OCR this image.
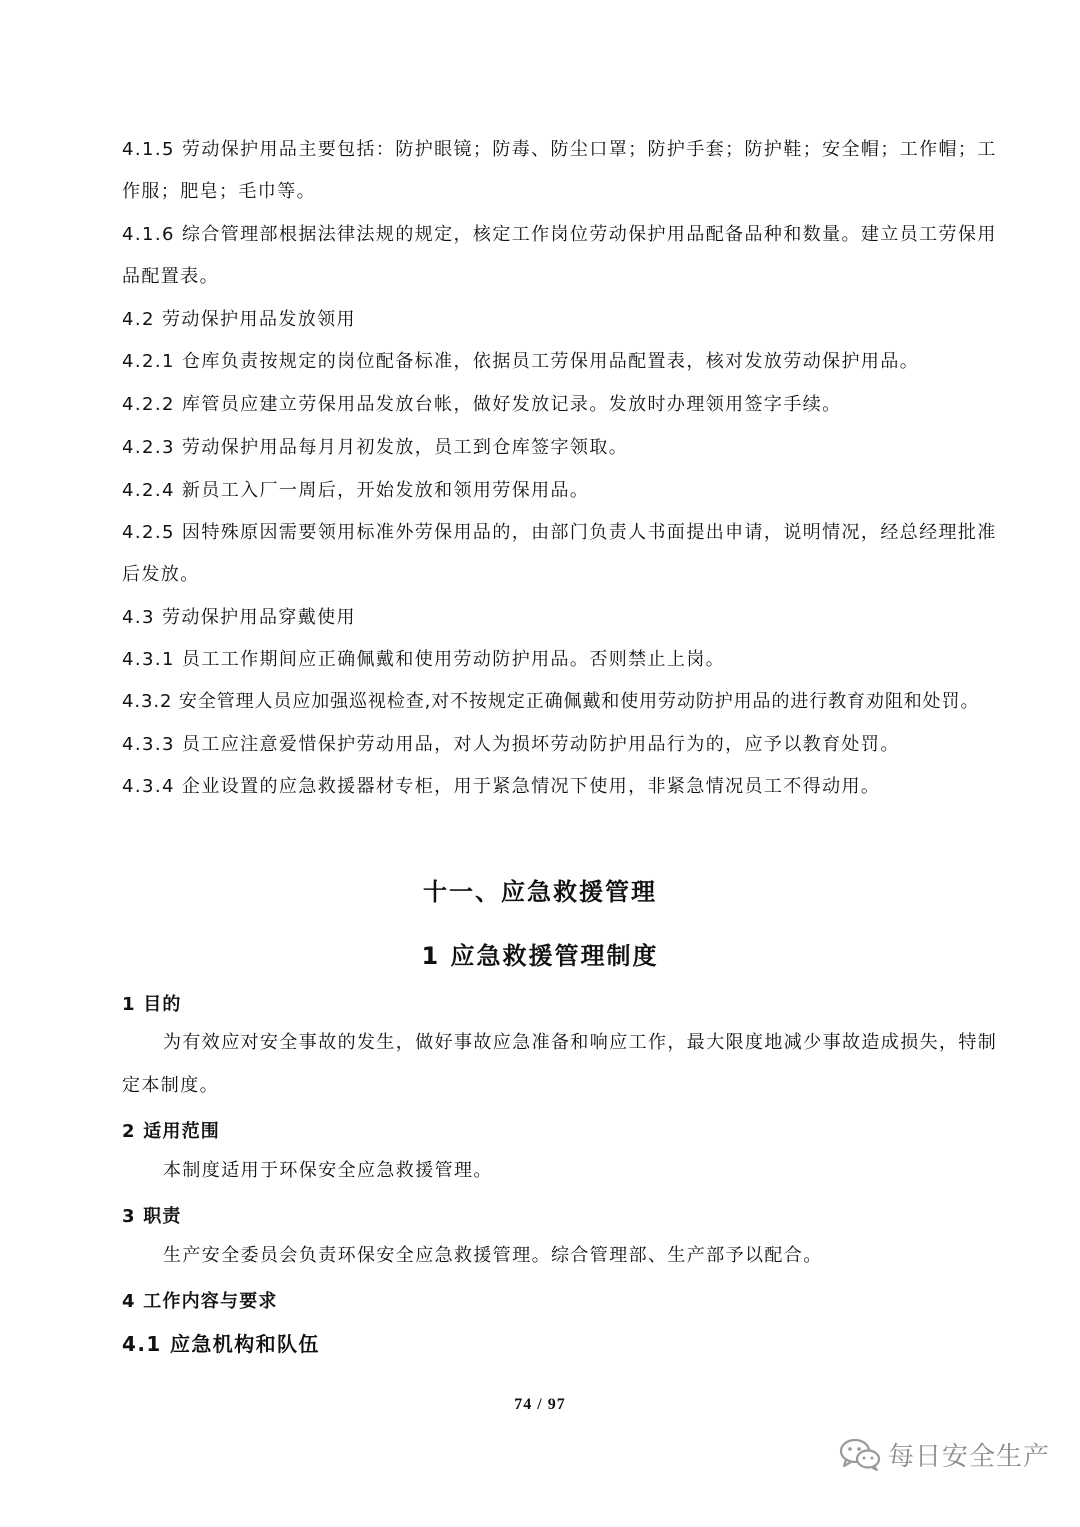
4.1.5 劳动保护用品主要包括：防护眼镜；防毒、防尘口罩；防护手套；防护鞋；安全帽；工作帽；工
作服；肥皂；毛巾等。
4.1.6 综合管理部根据法律法规的规定，核定工作岗位劳动保护用品配备品种和数量。建立员工劳保用
品配置表。
4.2 劳动保护用品发放领用
4.2.1 仓库负责按规定的岗位配备标准，依据员工劳保用品配置表，核对发放劳动保护用品。
4.2.2 库管员应建立劳保用品发放台帐，做好发放记录。发放时办理领用签字手续。
4.2.3 劳动保护用品每月月初发放，员工到仓库签字领取。
4.2.4 新员工入厂一周后，开始发放和领用劳保用品。
4.2.5 因特殊原因需要领用标准外劳保用品的，由部门负责人书面提出申请，说明情况，经总经理批准
后发放。
4.3 劳动保护用品穿戴使用
4.3.1 员工工作期间应正确佩戴和使用劳动防护用品。否则禁止上岗。
4.3.2 安全管理人员应加强巡视检查,对不按规定正确佩戴和使用劳动防护用品的进行教育劝阻和处罚。
4.3.3 员工应注意爱惜保护劳动用品，对人为损坏劳动防护用品行为的，应予以教育处罚。
4.3.4 企业设置的应急救援器材专柜，用于紧急情况下使用，非紧急情况员工不得动用。
十一、应急救援管理
1 应急救援管理制度
1 目的
为有效应对安全事故的发生，做好事故应急准备和响应工作，最大限度地减少事故造成损失，特制
定本制度。
2 适用范围
本制度适用于环保安全应急救援管理。
3 职责
生产安全委员会负责环保安全应急救援管理。综合管理部、生产部予以配合。
4 工作内容与要求
4.1 应急机构和队伍
74 / 97
每日安全生产
